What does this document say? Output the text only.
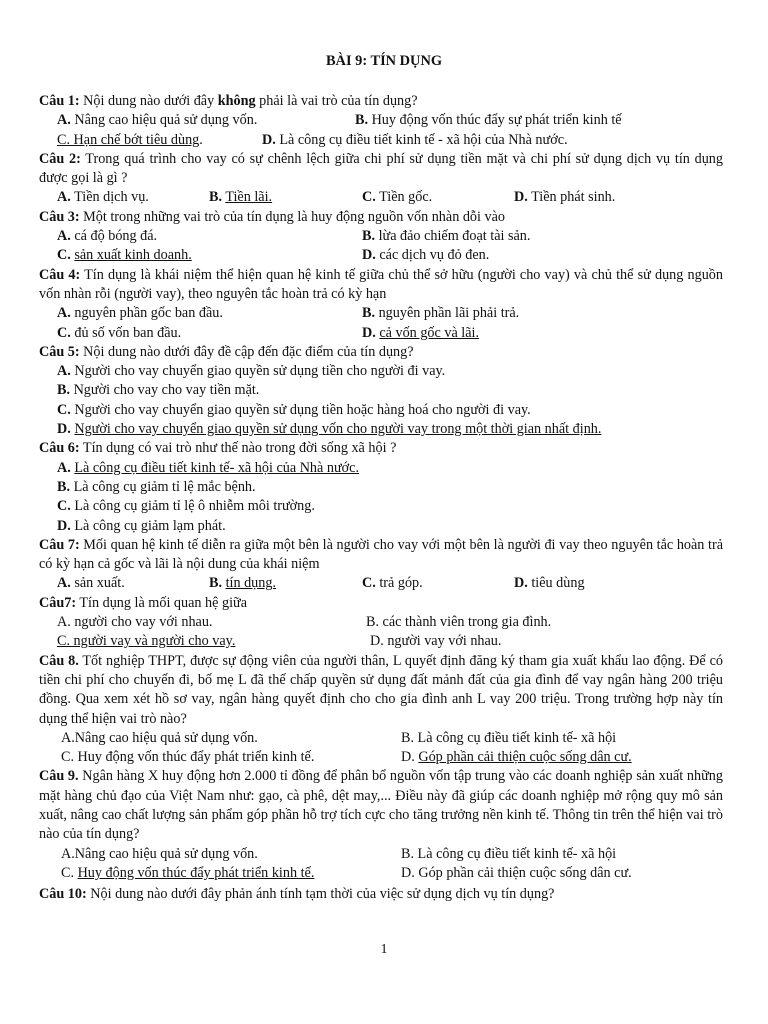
BÀI 9: TÍN DỤNG

Câu 1: Nội dung nào dưới đây không phải là vai trò của tín dụng?

A. Nâng cao hiệu quả sử dụng vốn.	B. Huy động vốn thúc đẩy sự phát triển kinh tế
C. Hạn chế bớt tiêu dùng.	D. Là công cụ điều tiết kinh tế - xã hội của Nhà nước.

Câu 2: Trong quá trình cho vay có sự chênh lệch giữa chi phí sử dụng tiền mặt và chi phí sử dụng dịch vụ tín dụng được gọi là gì ?

A. Tiền dịch vụ.	B. Tiền lãi.	C. Tiền gốc.	D. Tiền phát sinh.

Câu 3: Một trong những vai trò của tín dụng là huy động nguồn vốn nhàn dỗi vào

A. cá độ bóng đá.	B. lừa đảo chiếm đoạt tài sản.
C. sản xuất kinh doanh.	D. các dịch vụ đỏ đen.

Câu 4: Tín dụng là khái niệm thể hiện quan hệ kinh tế giữa chủ thể sở hữu (người cho vay) và chủ thể sử dụng nguồn vốn nhàn rỗi (người vay), theo nguyên tắc hoàn trả có kỳ hạn

A. nguyên phần gốc ban đầu.	B. nguyên phần lãi phải trả.
C. đủ số vốn ban đầu.	D. cả vốn gốc và lãi.

Câu 5: Nội dung nào dưới đây đề cập đến đặc điểm của tín dụng?

A. Người cho vay chuyển giao quyền sử dụng tiền cho người đi vay.

B. Người cho vay cho vay tiền mặt.

C. Người cho vay chuyển giao quyền sử dụng tiền hoặc hàng hoá cho người đi vay.

D. Người cho vay chuyển giao quyền sử dụng vốn cho người vay trong một thời gian nhất định.

Câu 6: Tín dụng có vai trò như thế nào trong đời sống xã hội ?

A. Là công cụ điều tiết kinh tế- xã hội của Nhà nước.

B. Là công cụ giảm tỉ lệ mắc bệnh.

C. Là công cụ giảm tỉ lệ ô nhiễm môi trường.

D. Là công cụ giảm lạm phát.

Câu 7: Mối quan hệ kinh tế diễn ra giữa một bên là người cho vay với một bên là người đi vay theo nguyên tắc hoàn trả có kỳ hạn cả gốc và lãi là nội dung của khái niệm

A. sản xuất.	B. tín dụng.	C. trả góp.	D. tiêu dùng

Câu7: Tín dụng là mối quan hệ giữa

A. người cho vay với nhau.	B. các thành viên trong gia đình.
C. người vay và người cho vay.	D. người vay với nhau.

Câu 8. Tốt nghiệp THPT, được sự động viên của người thân, L quyết định đăng ký tham gia xuất khẩu lao động. Để có tiền chi phí cho chuyến đi, bố mẹ L đã thế chấp quyền sử dụng đất mảnh đất của gia đình để vay ngân hàng 200 triệu đồng. Qua xem xét hồ sơ vay, ngân hàng quyết định cho cho gia đình anh L vay 200 triệu. Trong trường hợp này tín dụng thể hiện vai trò nào?

A.Nâng cao hiệu quả sử dụng vốn.	B. Là công cụ điều tiết kinh tế- xã hội
C. Huy động vốn thúc đẩy phát triển kinh tế.	D. Góp phần cải thiện cuộc sống dân cư.

Câu 9. Ngân hàng X huy động hơn 2.000 tỉ đồng để phân bổ nguồn vốn tập trung vào các doanh nghiệp sản xuất những mặt hàng chủ đạo của Việt Nam như: gạo, cà phê, dệt may,... Điều này đã giúp các doanh nghiệp mở rộng quy mô sản xuất, nâng cao chất lượng sản phẩm góp phần hỗ trợ tích cực cho tăng trưởng nền kinh tế. Thông tin trên thể hiện vai trò nào của tín dụng?

A.Nâng cao hiệu quả sử dụng vốn.	B. Là công cụ điều tiết kinh tế- xã hội
C. Huy động vốn thúc đẩy phát triển kinh tế.	D. Góp phần cải thiện cuộc sống dân cư.

Câu 10: Nội dung nào dưới đây phản ánh tính tạm thời của việc sử dụng dịch vụ tín dụng?

1
